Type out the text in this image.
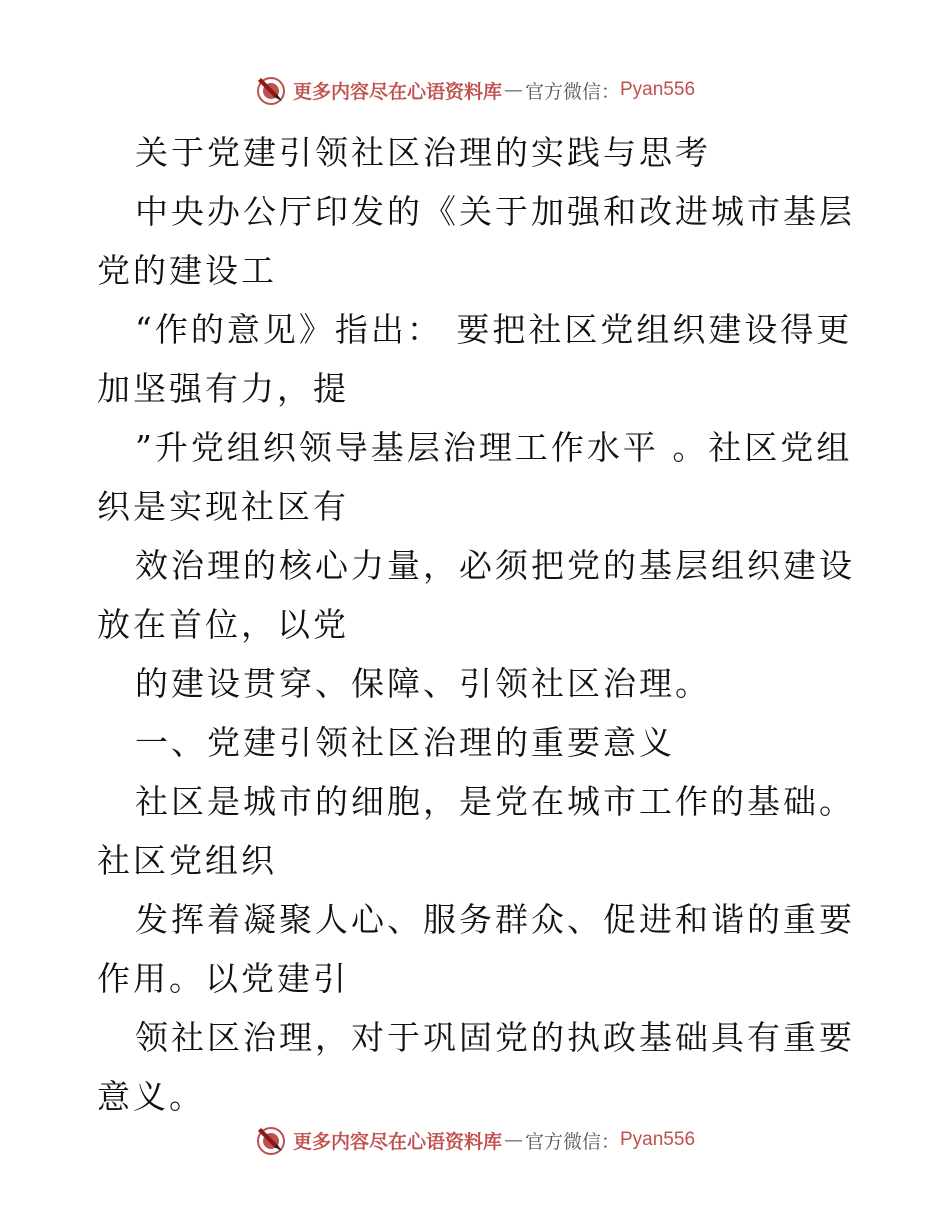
更多内容尽在心语资料库 — 官方微信： Pyan556

关于党建引领社区治理的实践与思考

中央办公厅印发的《关于加强和改进城市基层党的建设工

“作的意见》指出： 要把社区党组织建设得更加坚强有力，提

”升党组织领导基层治理工作水平 。社区党组织是实现社区有

效治理的核心力量，必须把党的基层组织建设放在首位，以党

的建设贯穿、保障、引领社区治理。

一、党建引领社区治理的重要意义

社区是城市的细胞，是党在城市工作的基础。社区党组织

发挥着凝聚人心、服务群众、促进和谐的重要作用。以党建引

领社区治理，对于巩固党的执政基础具有重要意义。

更多内容尽在心语资料库 — 官方微信： Pyan556
